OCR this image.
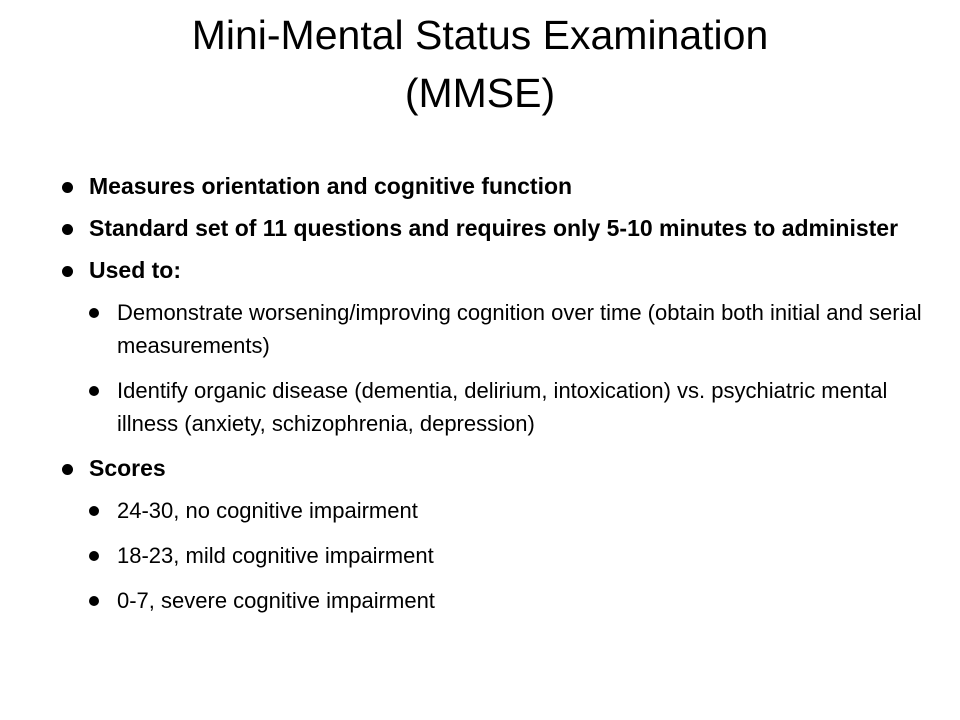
Mini-Mental Status Examination
(MMSE)
Measures orientation and cognitive function
Standard set of 11 questions and requires only 5-10 minutes to administer
Used to:
Demonstrate worsening/improving cognition over time (obtain both initial and serial measurements)
Identify organic disease (dementia, delirium, intoxication) vs. psychiatric mental illness (anxiety, schizophrenia, depression)
Scores
24-30, no cognitive impairment
18-23, mild cognitive impairment
0-7, severe cognitive impairment
